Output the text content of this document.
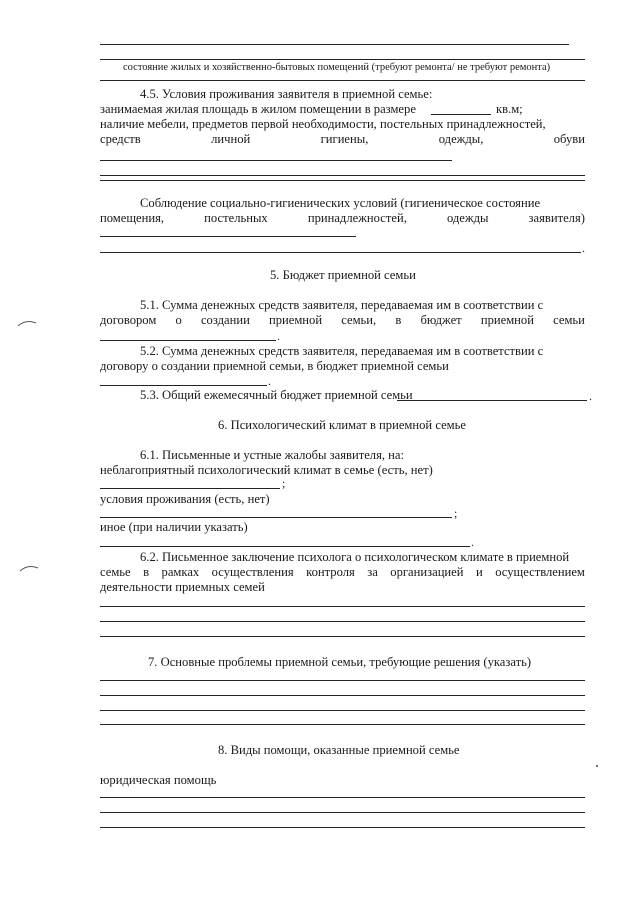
состояние жилых и хозяйственно-бытовых помещений (требуют ремонта/ не требуют ремонта)
4.5. Условия проживания заявителя в приемной семье:
занимаемая жилая площадь в жилом помещении в размере	кв.м;
наличие мебели, предметов первой необходимости, постельных принадлежностей,
средств	личной	гигиены,	одежды,	обуви
Соблюдение социально-гигиенических условий (гигиеническое состояние
помещения,	постельных	принадлежностей,	одежды	заявителя)
.
5. Бюджет приемной семьи
5.1. Сумма денежных средств заявителя, передаваемая им в соответствии с
договором о создании приемной семьи, в бюджет приемной семьи
.
5.2. Сумма денежных средств заявителя, передаваемая им в соответствии с
договору о создании приемной семьи, в бюджет приемной семьи
.
5.3. Общий ежемесячный бюджет приемной семьи	.
6. Психологический климат в приемной семье
6.1. Письменные и устные жалобы заявителя, на:
неблагоприятный психологический климат в семье (есть, нет)
;
условия проживания (есть, нет)
;
иное (при наличии указать)
.
6.2. Письменное заключение психолога о психологическом климате в приемной
семье в рамках осуществления контроля за организацией и осуществлением
деятельности приемных семей
7. Основные проблемы приемной семьи, требующие решения (указать)
8. Виды помощи, оказанные приемной семье
юридическая помощь
